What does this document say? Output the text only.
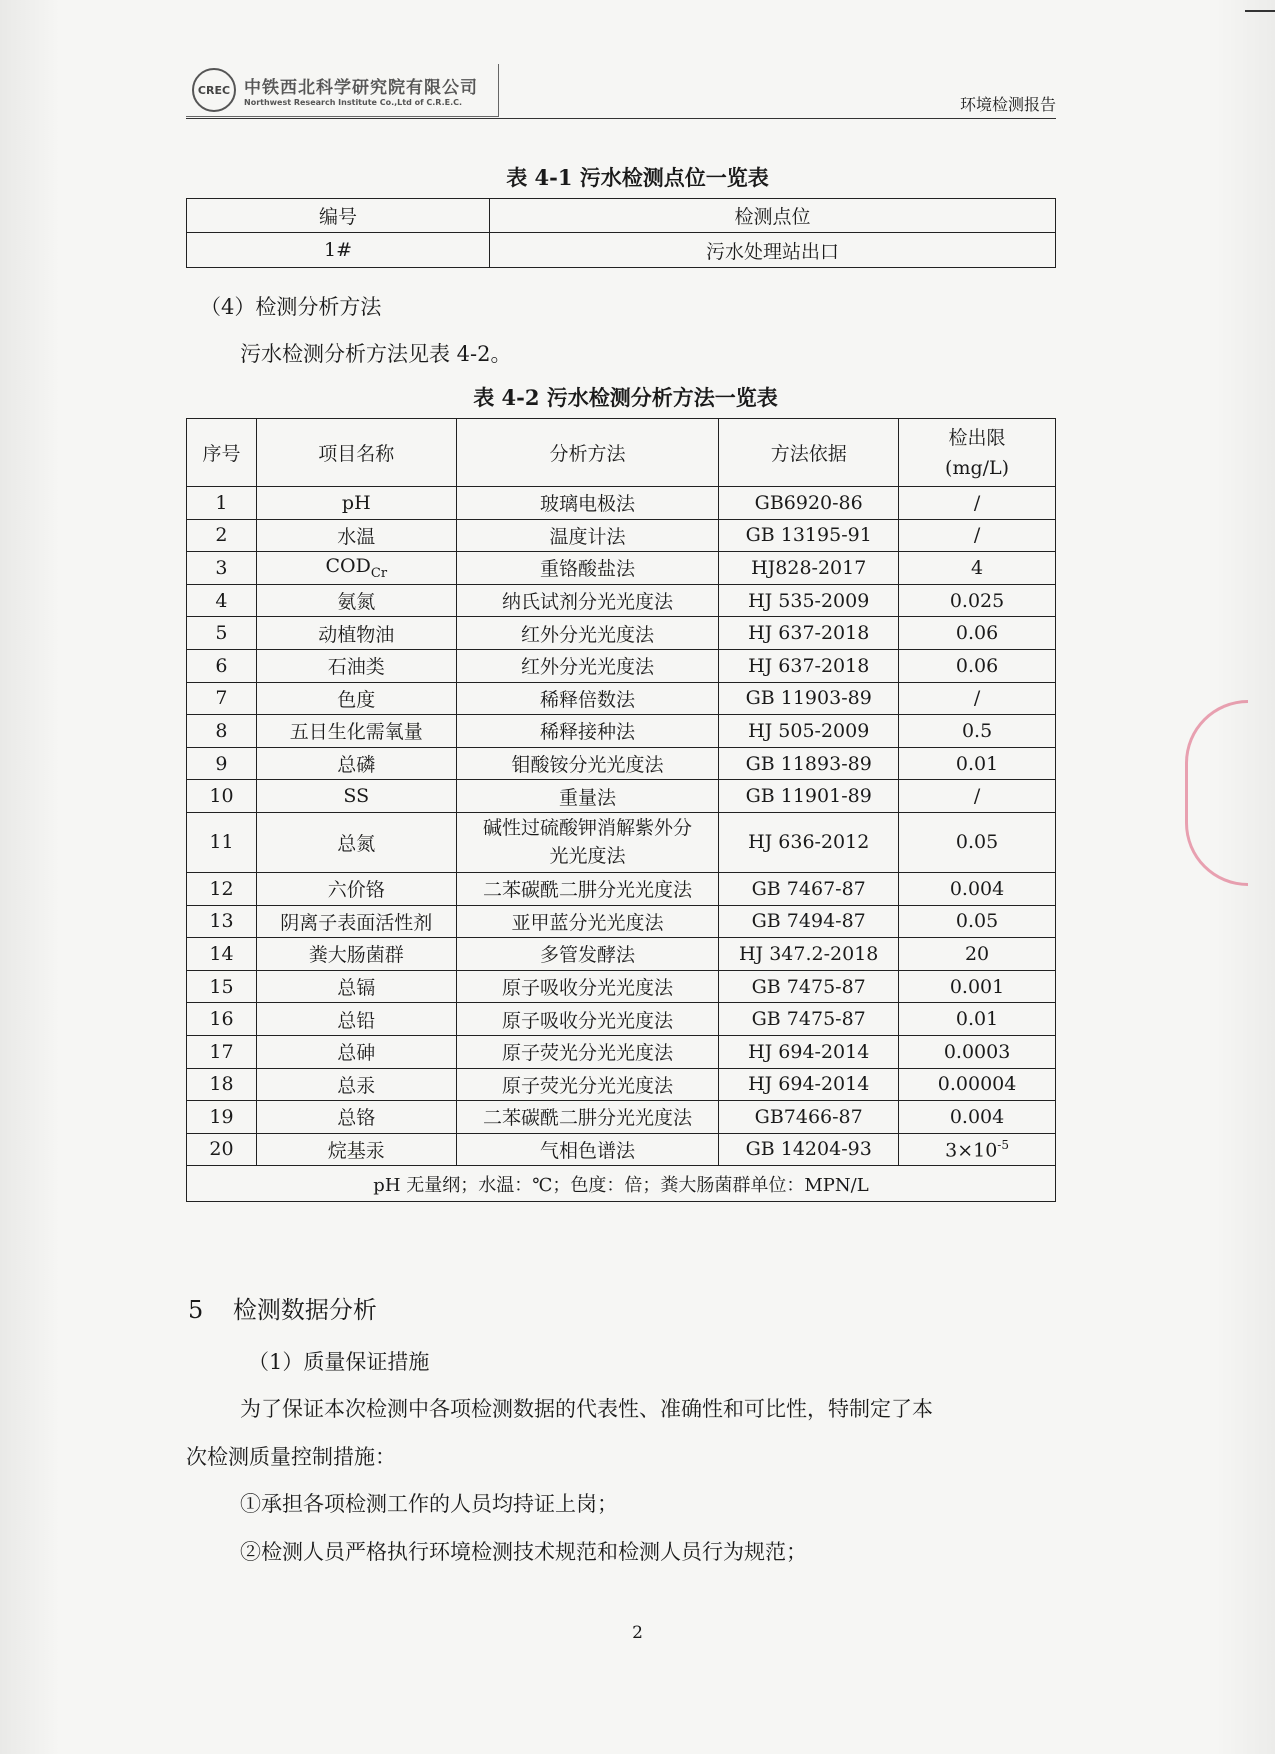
CREC 中铁西北科学研究院有限公司
Northwest Research Institute Co.,Ltd of C.R.E.C.	环境检测报告
表 4-1 污水检测点位一览表
编号	检测点位
1#	污水处理站出口
（4）检测分析方法
污水检测分析方法见表 4-2。
表 4-2 污水检测分析方法一览表
序号	项目名称	分析方法	方法依据	检出限
(mg/L)

1	pH	玻璃电极法	GB6920-86	/
2	水温	温度计法	GB 13195-91	/
3	$COD_{Cr}$	重铬酸盐法	HJ828-2017	4
4	氨氮	纳氏试剂分光光度法	HJ 535-2009	0.025
5	动植物油	红外分光光度法	HJ 637-2018	0.06
6	石油类	红外分光光度法	HJ 637-2018	0.06
7	色度	稀释倍数法	GB 11903-89	/
8	五日生化需氧量	稀释接种法	HJ 505-2009	0.5
9	总磷	钼酸铵分光光度法	GB 11893-89	0.01
10	SS	重量法	GB 11901-89	/
11	总氮	碱性过硫酸钾消解紫外分光光度法	HJ 636-2012	0.05
12	六价铬	二苯碳酰二肼分光光度法	GB 7467-87	0.004
13	阴离子表面活性剂	亚甲蓝分光光度法	GB 7494-87	0.05
14	粪大肠菌群	多管发酵法	HJ 347.2-2018	20
15	总镉	原子吸收分光光度法	GB 7475-87	0.001
16	总铅	原子吸收分光光度法	GB 7475-87	0.01
17	总砷	原子荧光分光光度法	HJ 694-2014	0.0003
18	总汞	原子荧光分光光度法	HJ 694-2014	0.00004
19	总铬	二苯碳酰二肼分光光度法	GB7466-87	0.004
20	烷基汞	气相色谱法	GB 14204-93	$3\times 10^{-5}$
pH 无量纲；水温：℃；色度：倍；粪大肠菌群单位：MPN/L				
5 检测数据分析
（1）质量保证措施
为了保证本次检测中各项检测数据的代表性、准确性和可比性，特制定了本
次检测质量控制措施：
①承担各项检测工作的人员均持证上岗；
②检测人员严格执行环境检测技术规范和检测人员行为规范；
2
